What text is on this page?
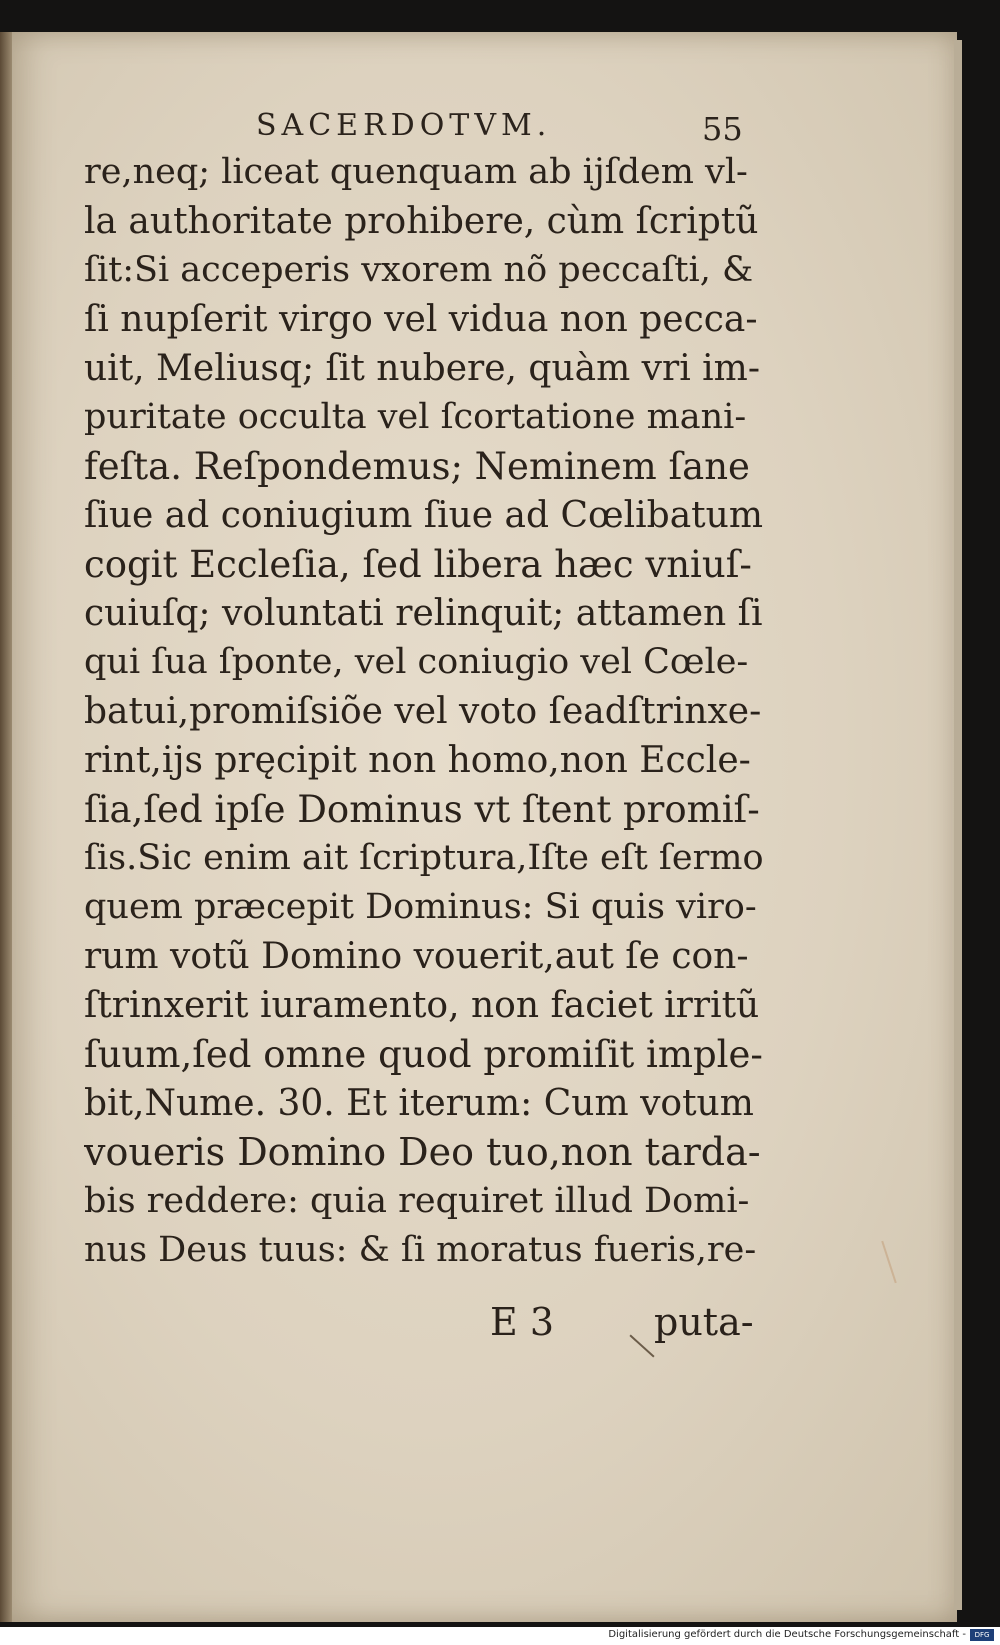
SACERDOTVM.	55
re,neq; liceat quenquam ab ijſdem vl-
la authoritate prohibere, cùm ſcriptũ
ſit:Si acceperis vxorem nõ peccaſti, &
ſi nupſerit virgo vel vidua non pecca-
uit, Meliusq; ſit nubere, quàm vri im-
puritate occulta vel ſcortatione mani-
feſta. Reſpondemus; Neminem ſane
ſiue ad coniugium ſiue ad Cœlibatum
cogit Eccleſia, ſed libera hæc vniuſ-
cuiuſq; voluntati relinquit; attamen ſi
qui ſua ſponte, vel coniugio vel Cœle-
batui,promiſsiõe vel voto ſeadſtrinxe-
rint,ijs pręcipit non homo,non Eccle-
ſia,ſed ipſe Dominus vt ſtent promiſ-
ſis.Sic enim ait ſcriptura,Iſte eſt ſermo
quem præcepit Dominus: Si quis viro-
rum votũ Domino vouerit,aut ſe con-
ſtrinxerit iuramento, non faciet irritũ
ſuum,ſed omne quod promiſit imple-
bit,Nume. 30. Et iterum: Cum votum
voueris Domino Deo tuo,non tarda-
bis reddere: quia requiret illud Domi-
nus Deus tuus: & ſi moratus fueris,re-
E 3	puta-
Digitalisierung gefördert durch die Deutsche Forschungsgemeinschaft -	DFG
